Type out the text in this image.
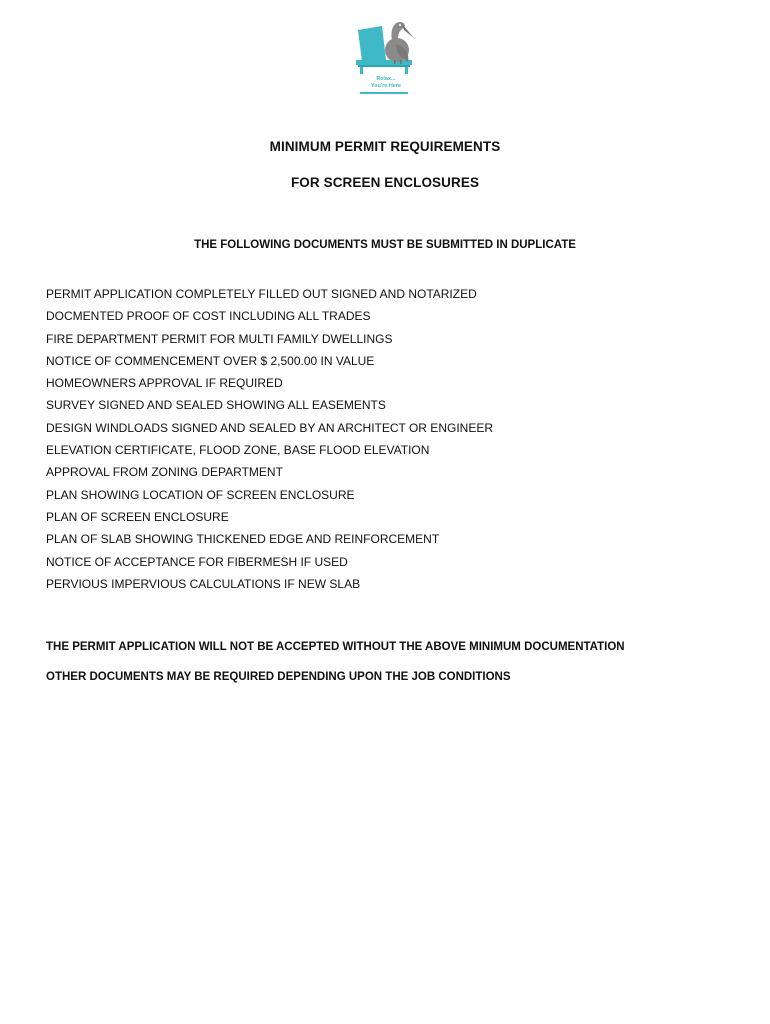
Relax...
You're Here
MINIMUM PERMIT REQUIREMENTS
FOR SCREEN ENCLOSURES
THE FOLLOWING DOCUMENTS MUST BE SUBMITTED IN DUPLICATE
PERMIT APPLICATION COMPLETELY FILLED OUT SIGNED AND NOTARIZED
DOCMENTED PROOF OF COST INCLUDING ALL TRADES
FIRE DEPARTMENT PERMIT FOR MULTI FAMILY DWELLINGS
NOTICE OF COMMENCEMENT OVER $ 2,500.00 IN VALUE
HOMEOWNERS APPROVAL IF REQUIRED
SURVEY SIGNED AND SEALED SHOWING ALL EASEMENTS
DESIGN WINDLOADS SIGNED AND SEALED BY AN ARCHITECT OR ENGINEER
ELEVATION CERTIFICATE, FLOOD ZONE, BASE FLOOD ELEVATION
APPROVAL FROM ZONING DEPARTMENT
PLAN SHOWING LOCATION OF SCREEN ENCLOSURE
PLAN OF SCREEN ENCLOSURE
PLAN OF SLAB SHOWING THICKENED EDGE AND REINFORCEMENT
NOTICE OF ACCEPTANCE FOR FIBERMESH IF USED
PERVIOUS IMPERVIOUS CALCULATIONS IF NEW SLAB
THE PERMIT APPLICATION WILL NOT BE ACCEPTED WITHOUT THE ABOVE MINIMUM DOCUMENTATION
OTHER DOCUMENTS MAY BE REQUIRED DEPENDING UPON THE JOB CONDITIONS
